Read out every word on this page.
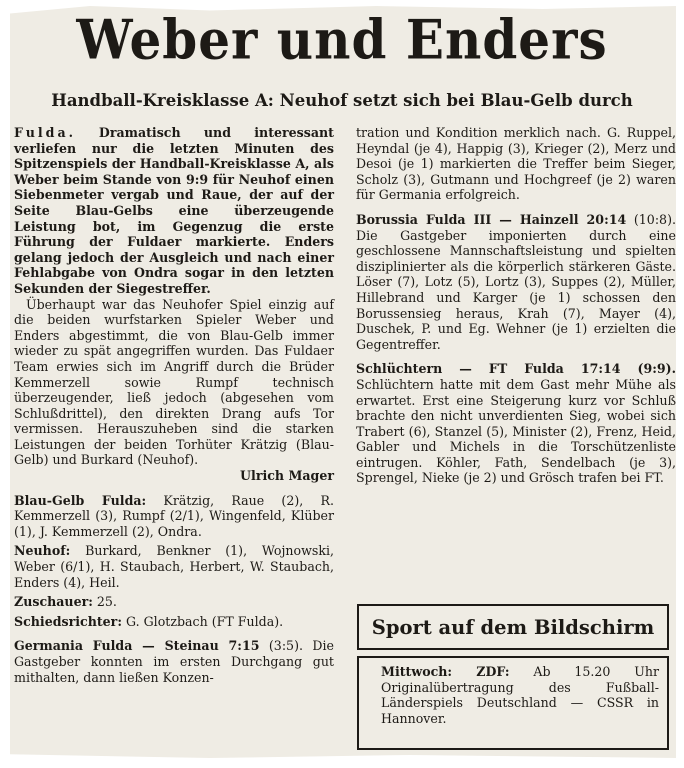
Weber und Enders
Handball-Kreisklasse A: Neuhof setzt sich bei Blau-Gelb durch

Fulda. Dramatisch und interessant verliefen nur die letzten Minuten des Spitzenspiels der Handball-Kreisklasse A, als Weber beim Stande von 9:9 für Neuhof einen Siebenmeter vergab und Raue, der auf der Seite Blau-Gelbs eine überzeugende Leistung bot, im Gegenzug die erste Führung der Fuldaer markierte. Enders gelang jedoch der Ausgleich und nach einer Fehlabgabe von Ondra sogar in den letzten Sekunden der Siegestreffer.

Überhaupt war das Neuhofer Spiel einzig auf die beiden wurfstarken Spieler Weber und Enders abgestimmt, die von Blau-Gelb immer wieder zu spät angegriffen wurden. Das Fuldaer Team erwies sich im Angriff durch die Brüder Kemmerzell sowie Rumpf technisch überzeugender, ließ jedoch (abgesehen vom Schlußdrittel), den direkten Drang aufs Tor vermissen. Herauszuheben sind die starken Leistungen der beiden Torhüter Krätzig (Blau-Gelb) und Burkard (Neuhof).

Ulrich Mager

Blau-Gelb Fulda: Krätzig, Raue (2), R. Kemmerzell (3), Rumpf (2/1), Wingenfeld, Klüber (1), J. Kemmerzell (2), Ondra.

Neuhof: Burkard, Benkner (1), Wojnowski, Weber (6/1), H. Staubach, Herbert, W. Staubach, Enders (4), Heil.

Zuschauer: 25.

Schiedsrichter: G. Glotzbach (FT Fulda).

Germania Fulda — Steinau 7:15 (3:5). Die Gastgeber konnten im ersten Durchgang gut mithalten, dann ließen Konzen-

tration und Kondition merklich nach. G. Ruppel, Heyndal (je 4), Happig (3), Krieger (2), Merz und Desoi (je 1) markierten die Treffer beim Sieger, Scholz (3), Gutmann und Hochgreef (je 2) waren für Germania erfolgreich.

Borussia Fulda III — Hainzell 20:14 (10:8). Die Gastgeber imponierten durch eine geschlossene Mannschaftsleistung und spielten disziplinierter als die körperlich stärkeren Gäste. Löser (7), Lotz (5), Lortz (3), Suppes (2), Müller, Hillebrand und Karger (je 1) schossen den Borussensieg heraus, Krah (7), Mayer (4), Duschek, P. und Eg. Wehner (je 1) erzielten die Gegentreffer.

Schlüchtern — FT Fulda 17:14 (9:9). Schlüchtern hatte mit dem Gast mehr Mühe als erwartet. Erst eine Steigerung kurz vor Schluß brachte den nicht unverdienten Sieg, wobei sich Trabert (6), Stanzel (5), Minister (2), Frenz, Heid, Gabler und Michels in die Torschützenliste eintrugen. Köhler, Fath, Sendelbach (je 3), Sprengel, Nieke (je 2) und Grösch trafen bei FT.

Sport auf dem Bildschirm

Mittwoch: ZDF: Ab 15.20 Uhr Originalübertragung des Fußball-Länderspiels Deutschland — CSSR in Hannover.
